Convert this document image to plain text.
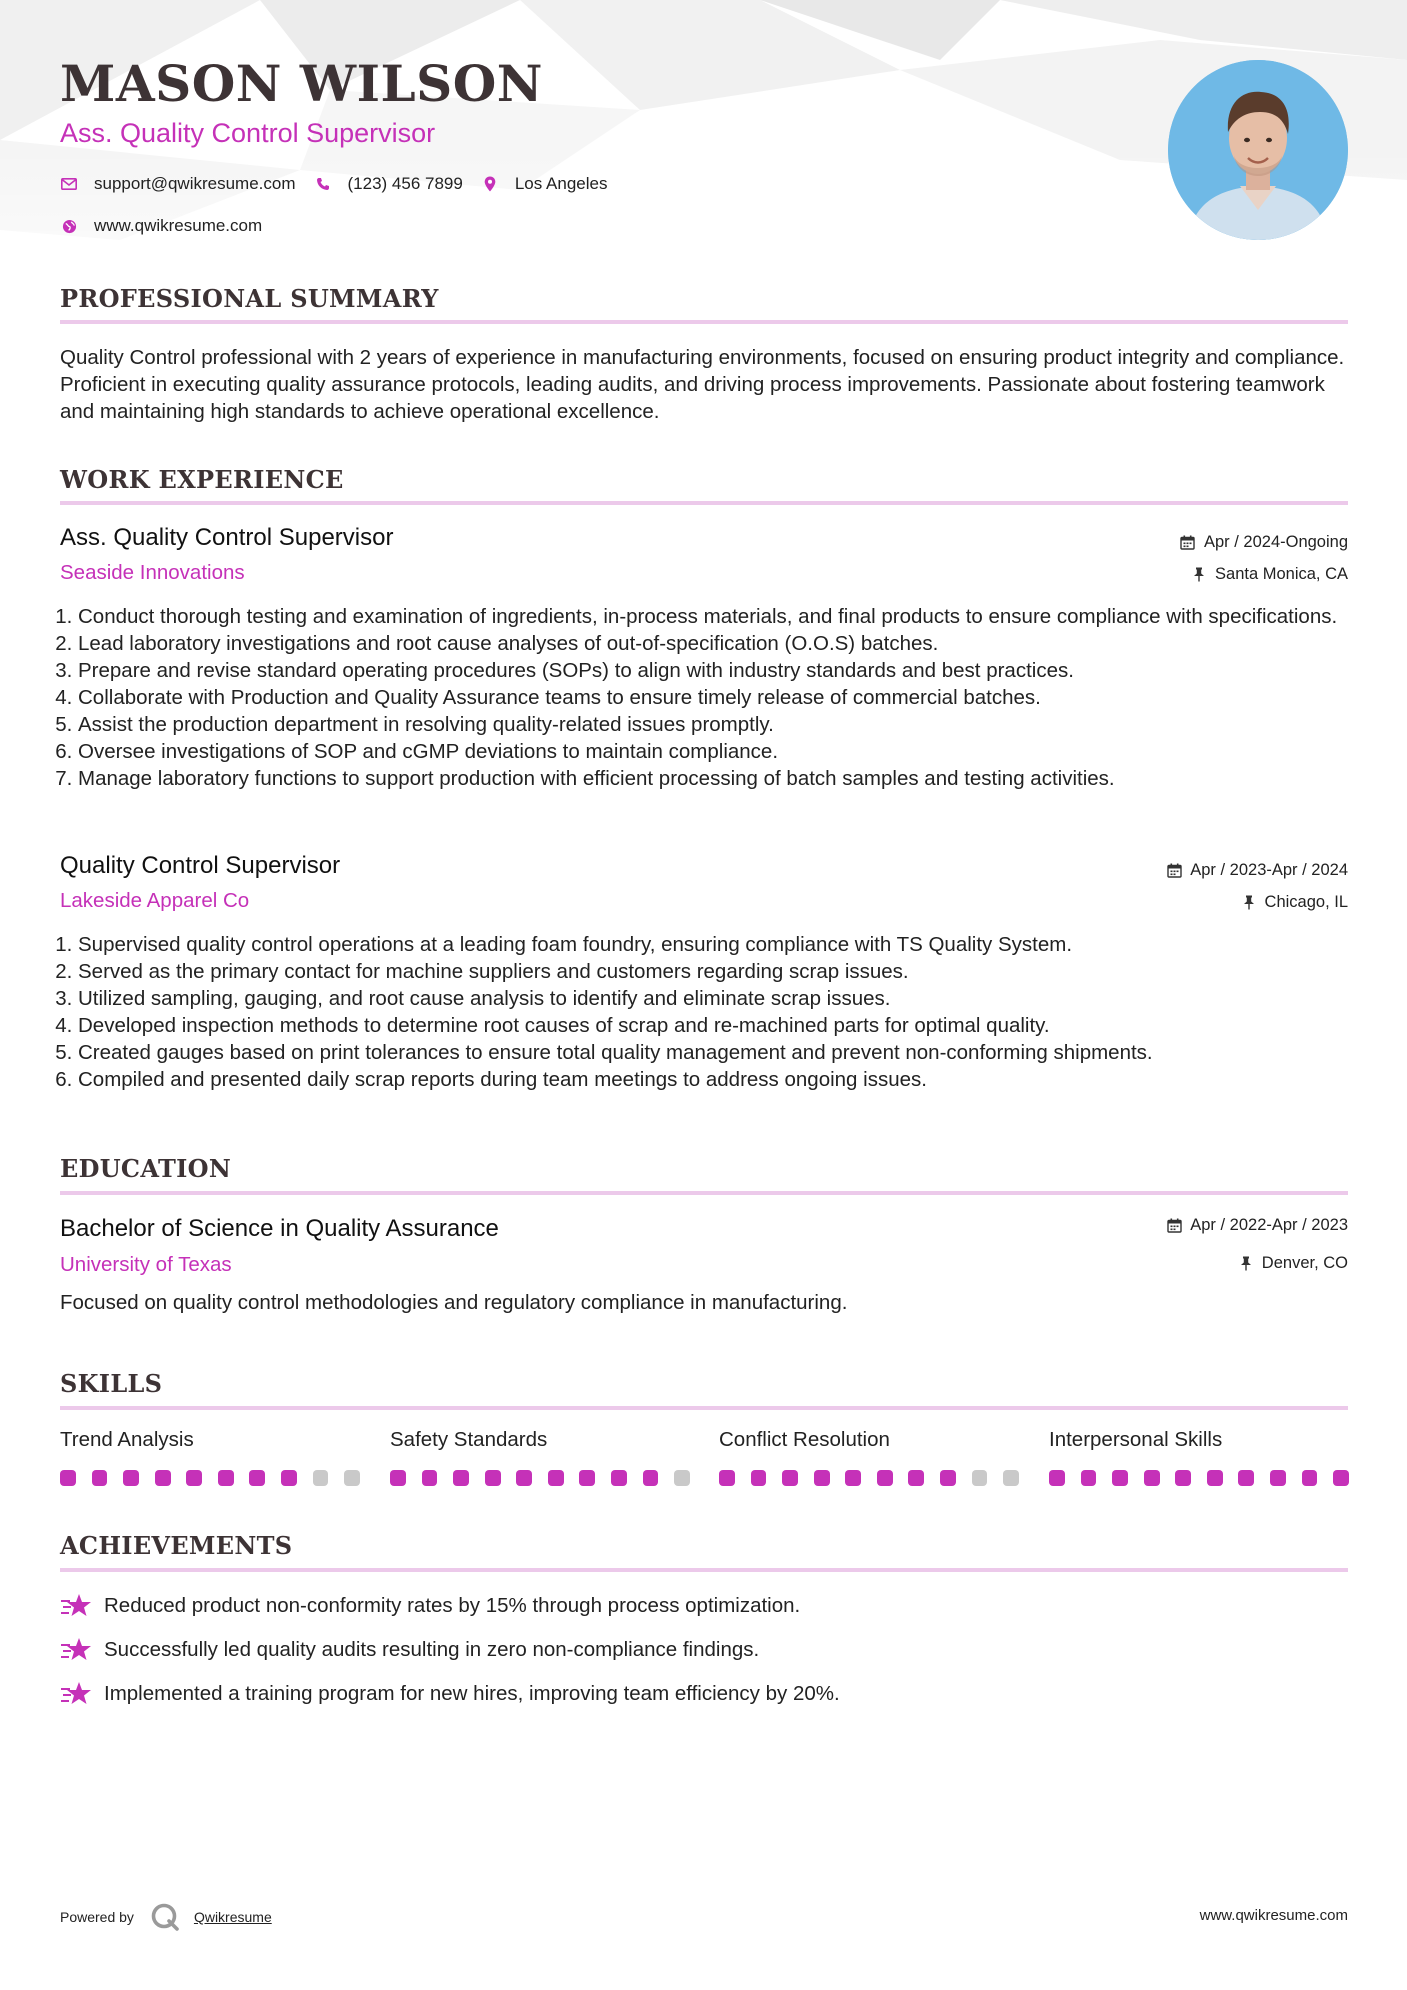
MASON WILSON
Ass. Quality Control Supervisor
support@qwikresume.com	(123) 456 7899	Los Angeles
www.qwikresume.com
PROFESSIONAL SUMMARY

Quality Control professional with 2 years of experience in manufacturing environments, focused on ensuring product integrity and compliance. Proficient in executing quality assurance protocols, leading audits, and driving process improvements. Passionate about fostering teamwork and maintaining high standards to achieve operational excellence.

WORK EXPERIENCE
Ass. Quality Control Supervisor	Apr / 2024-Ongoing
Seaside Innovations	Santa Monica, CA
1. Conduct thorough testing and examination of ingredients, in-process materials, and final products to ensure compliance with specifications.
2. Lead laboratory investigations and root cause analyses of out-of-specification (O.O.S) batches.
3. Prepare and revise standard operating procedures (SOPs) to align with industry standards and best practices.
4. Collaborate with Production and Quality Assurance teams to ensure timely release of commercial batches.
5. Assist the production department in resolving quality-related issues promptly.
6. Oversee investigations of SOP and cGMP deviations to maintain compliance.
7. Manage laboratory functions to support production with efficient processing of batch samples and testing activities.
Quality Control Supervisor	Apr / 2023-Apr / 2024
Lakeside Apparel Co	Chicago, IL
1. Supervised quality control operations at a leading foam foundry, ensuring compliance with TS Quality System.
2. Served as the primary contact for machine suppliers and customers regarding scrap issues.
3. Utilized sampling, gauging, and root cause analysis to identify and eliminate scrap issues.
4. Developed inspection methods to determine root causes of scrap and re-machined parts for optimal quality.
5. Created gauges based on print tolerances to ensure total quality management and prevent non-conforming shipments.
6. Compiled and presented daily scrap reports during team meetings to address ongoing issues.
EDUCATION
Bachelor of Science in Quality Assurance	Apr / 2022-Apr / 2023
University of Texas	Denver, CO

Focused on quality control methodologies and regulatory compliance in manufacturing.

SKILLS
Trend Analysis	Safety Standards	Conflict Resolution	Interpersonal Skills
ACHIEVEMENTS
Reduced product non-conformity rates by 15% through process optimization.
Successfully led quality audits resulting in zero non-compliance findings.
Implemented a training program for new hires, improving team efficiency by 20%.
Powered by	Qwikresume	www.qwikresume.com
